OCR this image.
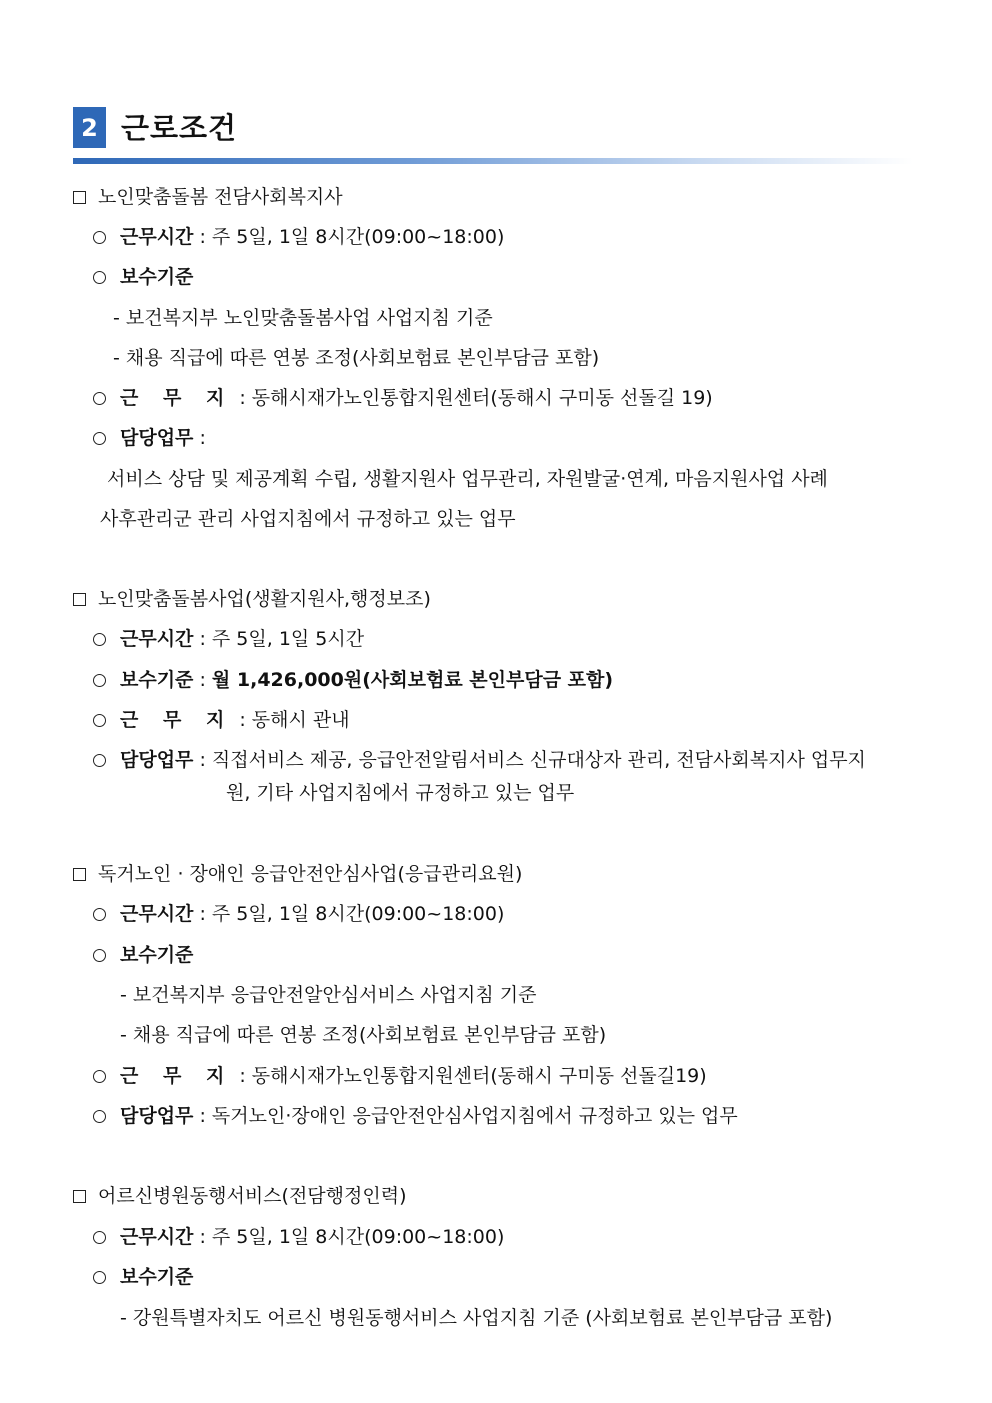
2 근로조건
노인맞춤돌봄 전담사회복지사
근무시간 : 주 5일, 1일 8시간(09:00~18:00)
보수기준
- 보건복지부 노인맞춤돌봄사업 사업지침 기준
- 채용 직급에 따른 연봉 조정(사회보험료 본인부담금 포함)
근 무 지 : 동해시재가노인통합지원센터(동해시 구미동 선돌길 19)
담당업무 :
서비스 상담 및 제공계획 수립, 생활지원사 업무관리, 자원발굴·연계, 마음지원사업 사례
사후관리군 관리 사업지침에서 규정하고 있는 업무
노인맞춤돌봄사업(생활지원사,행정보조)
근무시간 : 주 5일, 1일 5시간
보수기준 : 월 1,426,000원(사회보험료 본인부담금 포함)
근 무 지 : 동해시 관내
담당업무 : 직접서비스 제공, 응급안전알림서비스 신규대상자 관리, 전담사회복지사 업무지
원, 기타 사업지침에서 규정하고 있는 업무
독거노인 · 장애인 응급안전안심사업(응급관리요원)
근무시간 : 주 5일, 1일 8시간(09:00~18:00)
보수기준
- 보건복지부 응급안전알안심서비스 사업지침 기준
- 채용 직급에 따른 연봉 조정(사회보험료 본인부담금 포함)
근 무 지 : 동해시재가노인통합지원센터(동해시 구미동 선돌길19)
담당업무 : 독거노인·장애인 응급안전안심사업지침에서 규정하고 있는 업무
어르신병원동행서비스(전담행정인력)
근무시간 : 주 5일, 1일 8시간(09:00~18:00)
보수기준
- 강원특별자치도 어르신 병원동행서비스 사업지침 기준 (사회보험료 본인부담금 포함)
